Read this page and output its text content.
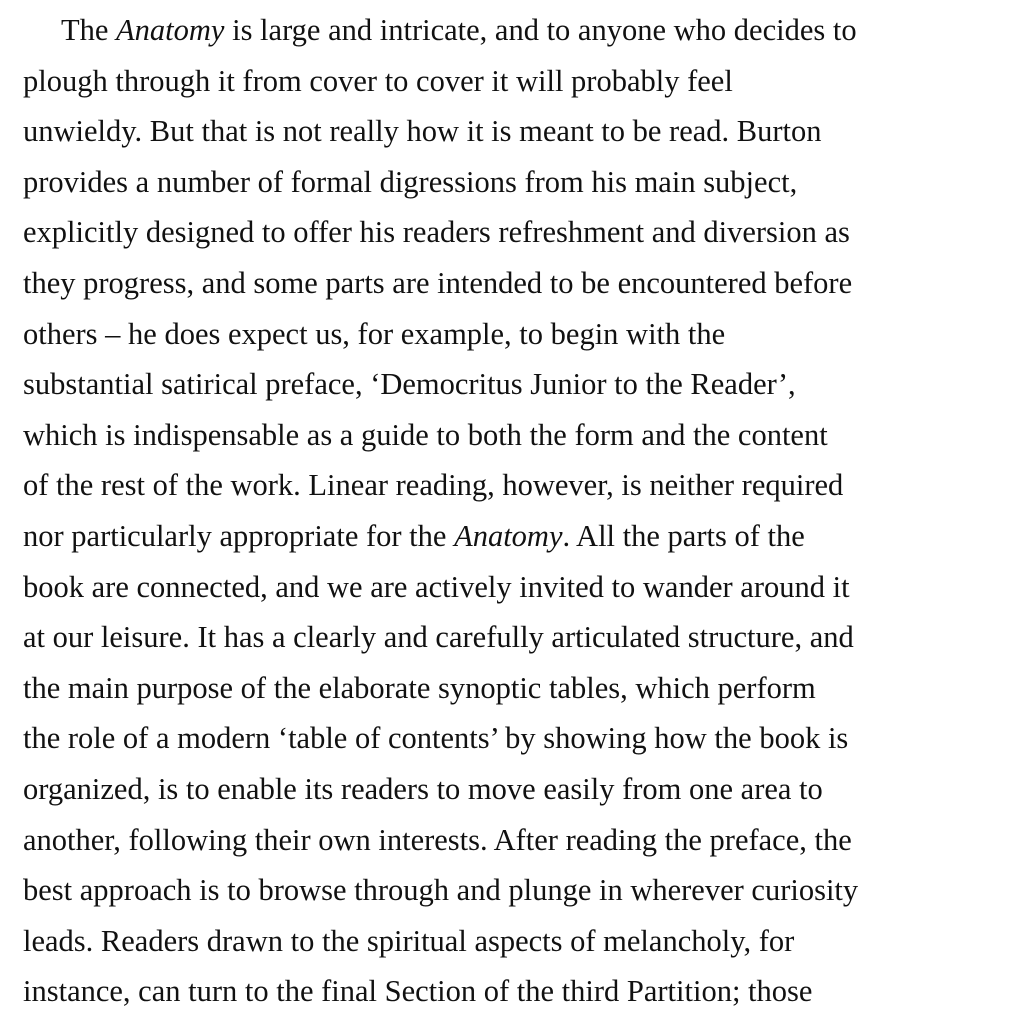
The Anatomy is large and intricate, and to anyone who decides to
plough through it from cover to cover it will probably feel
unwieldy. But that is not really how it is meant to be read. Burton
provides a number of formal digressions from his main subject,
explicitly designed to offer his readers refreshment and diversion as
they progress, and some parts are intended to be encountered before
others – he does expect us, for example, to begin with the
substantial satirical preface, ‘Democritus Junior to the Reader’,
which is indispensable as a guide to both the form and the content
of the rest of the work. Linear reading, however, is neither required
nor particularly appropriate for the Anatomy. All the parts of the
book are connected, and we are actively invited to wander around it
at our leisure. It has a clearly and carefully articulated structure, and
the main purpose of the elaborate synoptic tables, which perform
the role of a modern ‘table of contents’ by showing how the book is
organized, is to enable its readers to move easily from one area to
another, following their own interests. After reading the preface, the
best approach is to browse through and plunge in wherever curiosity
leads. Readers drawn to the spiritual aspects of melancholy, for
instance, can turn to the final Section of the third Partition; those
